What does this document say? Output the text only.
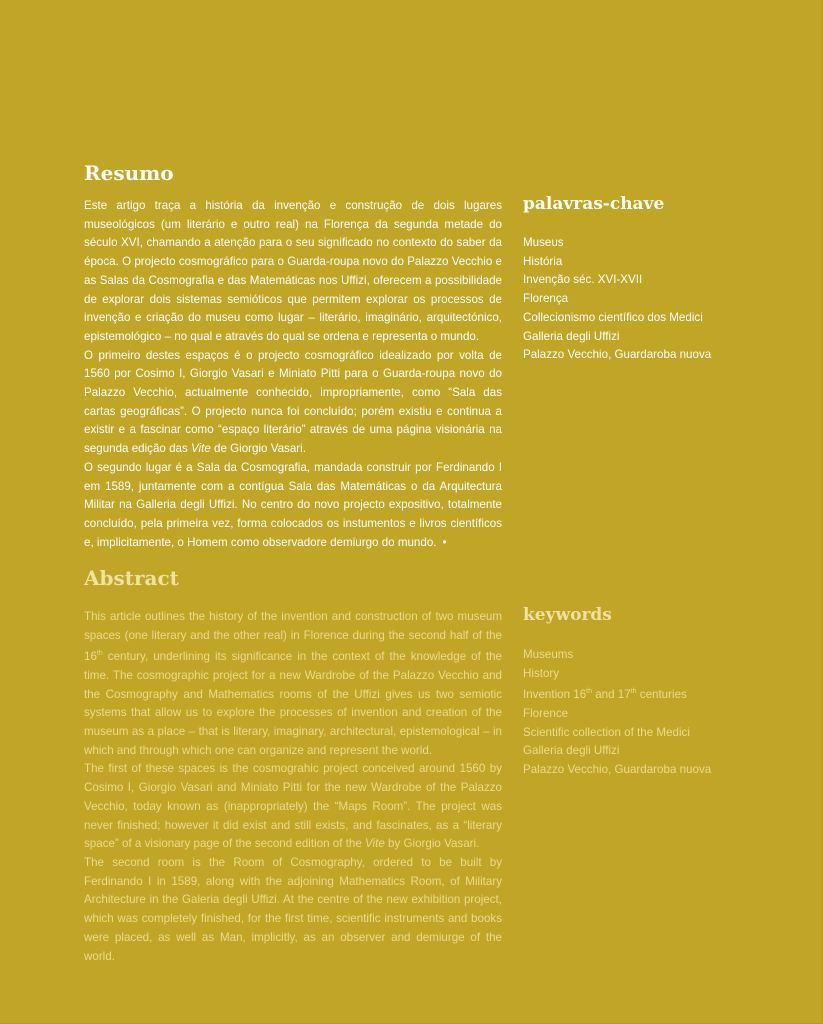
Resumo

Este artigo traça a história da invenção e construção de dois lugares museológicos (um literário e outro real) na Florença da segunda metade do século XVI, chamando a atenção para o seu significado no contexto do saber da época. O projecto cosmográfico para o Guarda-roupa novo do Palazzo Vecchio e as Salas da Cosmografia e das Matemáticas nos Uffizi, oferecem a possibilidade de explorar dois sistemas semióticos que permitem explorar os processos de invenção e criação do museu como lugar – literário, imaginário, arquitectónico, epistemológico – no qual e através do qual se ordena e representa o mundo.

O primeiro destes espaços é o projecto cosmográfico idealizado por volta de 1560 por Cosimo I, Giorgio Vasari e Miniato Pitti para o Guarda-roupa novo do Palazzo Vecchio, actualmente conhecido, impropriamente, como “Sala das cartas geográficas”. O projecto nunca foi concluído; porém existiu e continua a existir e a fascinar como “espaço literário” através de uma página visionária na segunda edição das Vite de Giorgio Vasari.

O segundo lugar é a Sala da Cosmografia, mandada construir por Ferdinando I em 1589, juntamente com a contígua Sala das Matemáticas o da Arquitectura Militar na Galleria degli Uffizi. No centro do novo projecto expositivo, totalmente concluído, pela primeira vez, forma colocados os instumentos e livros científicos e, implicitamente, o Homem como observadore demiurgo do mundo. •

palavras-chave
Museus
História
Invenção séc. XVI-XVII
Florença
Collecionismo científico dos Medici
Galleria degli Uffizi
Palazzo Vecchio, Guardaroba nuova
Abstract

This article outlines the history of the invention and construction of two museum spaces (one literary and the other real) in Florence during the second half of the 16th century, underlining its significance in the context of the knowledge of the time. The cosmographic project for a new Wardrobe of the Palazzo Vecchio and the Cosmography and Mathematics rooms of the Uffizi gives us two semiotic systems that allow us to explore the processes of invention and creation of the museum as a place – that is literary, imaginary, architectural, epistemological – in which and through which one can organize and represent the world.

The first of these spaces is the cosmograhic project conceived around 1560 by Cosimo I, Giorgio Vasari and Miniato Pitti for the new Wardrobe of the Palazzo Vecchio, today known as (inappropriately) the “Maps Room”. The project was never finished; however it did exist and still exists, and fascinates, as a “literary space” of a visionary page of the second edition of the Vite by Giorgio Vasari.

The second room is the Room of Cosmography, ordered to be built by Ferdinando I in 1589, along with the adjoining Mathematics Room, of Military Architecture in the Galeria degli Uffizi. At the centre of the new exhibition project, which was completely finished, for the first time, scientific instruments and books were placed, as well as Man, implicitly, as an observer and demiurge of the world.

keywords
Museums
History
Invention 16th and 17th centuries
Florence
Scientific collection of the Medici
Galleria degli Uffizi
Palazzo Vecchio, Guardaroba nuova
